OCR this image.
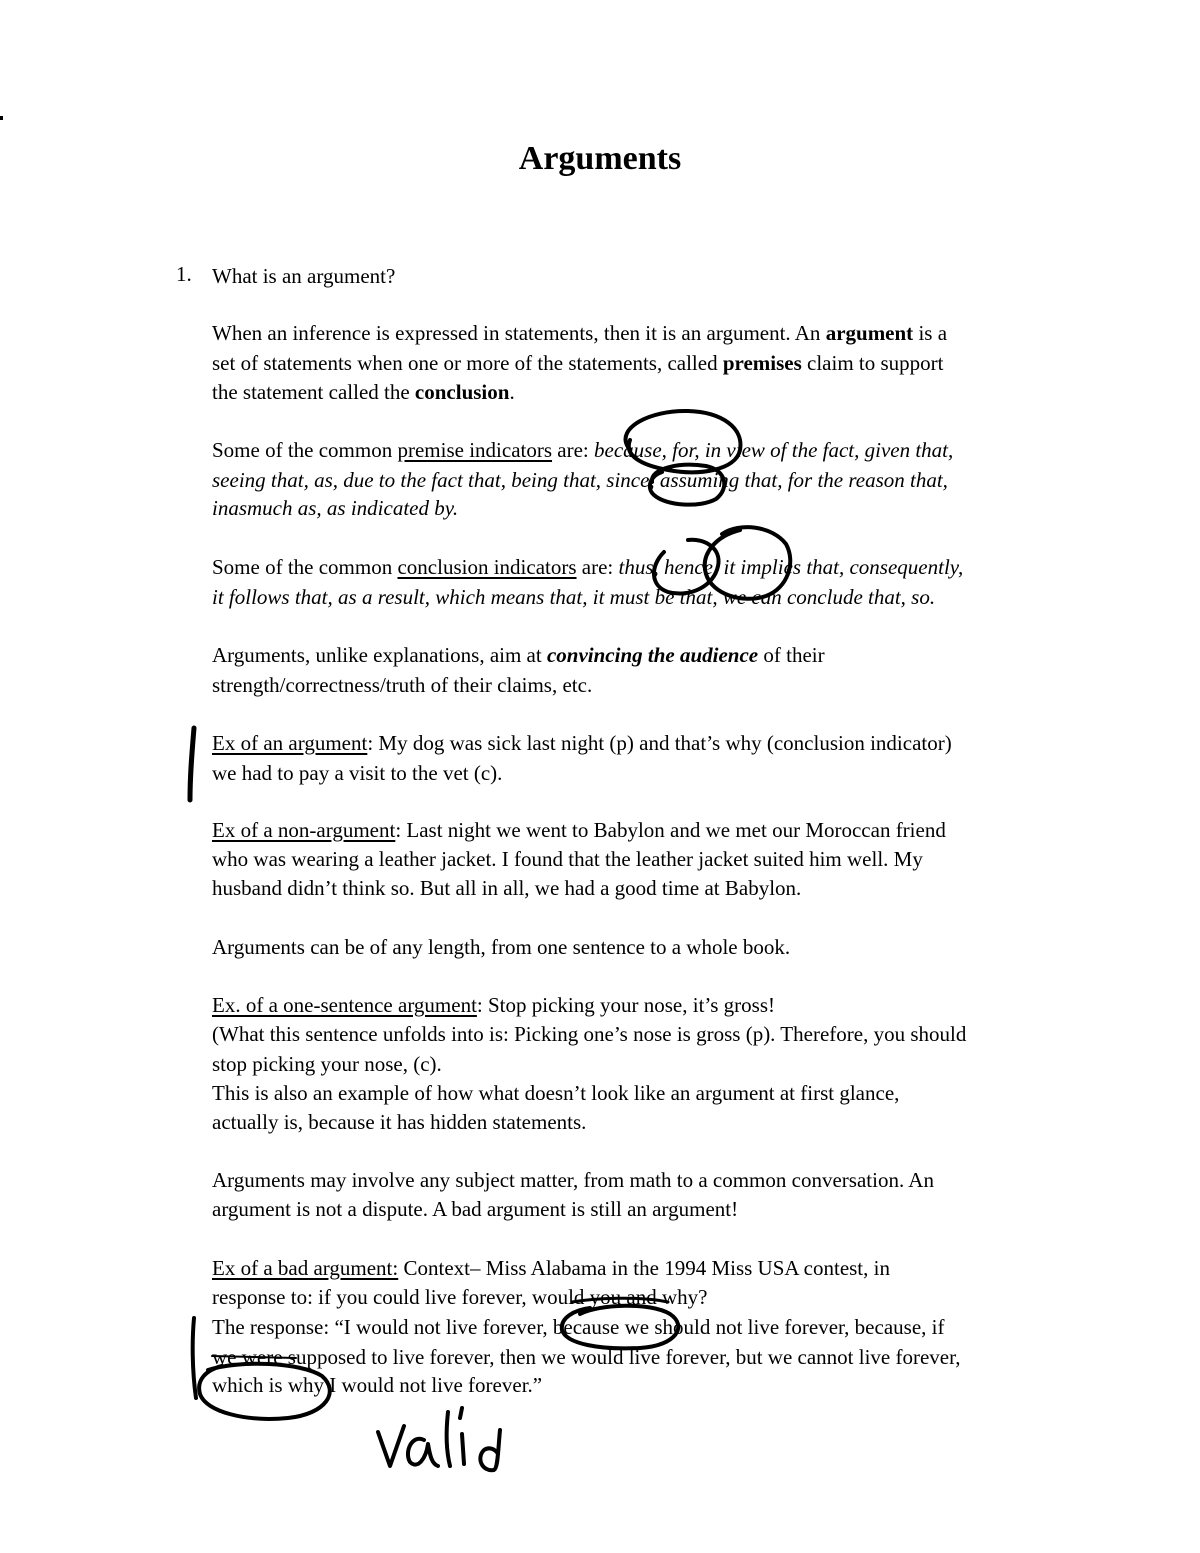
Arguments
1. What is an argument?
When an inference is expressed in statements, then it is an argument. An argument is a
set of statements when one or more of the statements, called premises claim to support
the statement called the conclusion.
Some of the common premise indicators are: because, for, in view of the fact, given that,
seeing that, as, due to the fact that, being that, since, assuming that, for the reason that,
inasmuch as, as indicated by.
Some of the common conclusion indicators are: thus, hence, it implies that, consequently,
it follows that, as a result, which means that, it must be that, we can conclude that, so.
Arguments, unlike explanations, aim at convincing the audience of their
strength/correctness/truth of their claims, etc.
Ex of an argument: My dog was sick last night (p) and that’s why (conclusion indicator)
we had to pay a visit to the vet (c).
Ex of a non-argument: Last night we went to Babylon and we met our Moroccan friend
who was wearing a leather jacket. I found that the leather jacket suited him well. My
husband didn’t think so. But all in all, we had a good time at Babylon.
Arguments can be of any length, from one sentence to a whole book.
Ex. of a one-sentence argument: Stop picking your nose, it’s gross!
(What this sentence unfolds into is: Picking one’s nose is gross (p). Therefore, you should
stop picking your nose, (c).
This is also an example of how what doesn’t look like an argument at first glance,
actually is, because it has hidden statements.
Arguments may involve any subject matter, from math to a common conversation. An
argument is not a dispute. A bad argument is still an argument!
Ex of a bad argument: Context– Miss Alabama in the 1994 Miss USA contest, in
response to: if you could live forever, would you and why?
The response: “I would not live forever, because we should not live forever, because, if
we were supposed to live forever, then we would live forever, but we cannot live forever,
which is why I would not live forever.”
